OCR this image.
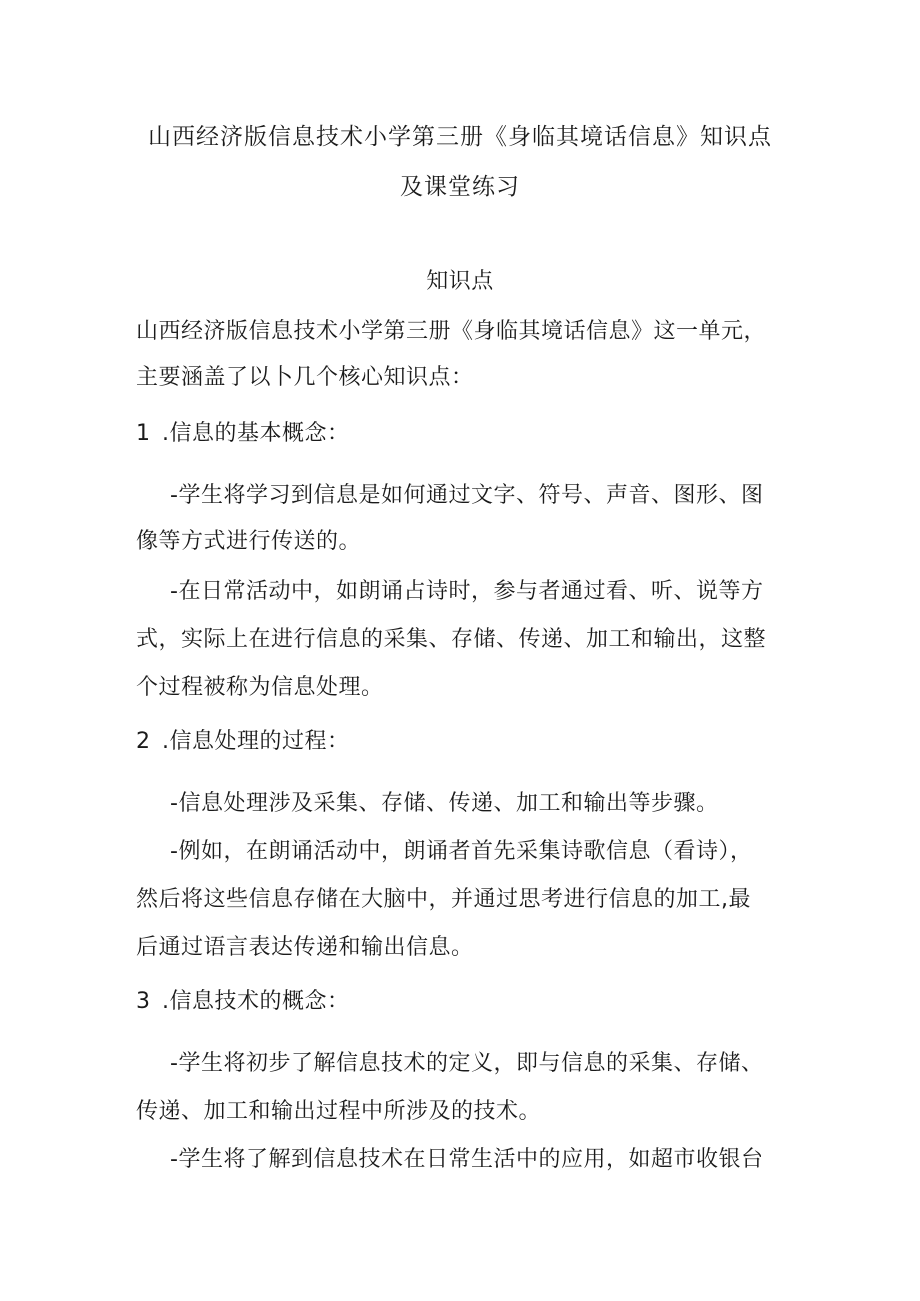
山西经济版信息技术小学第三册《身临其境话信息》知识点
及课堂练习
知识点
山西经济版信息技术小学第三册《身临其境话信息》这一单元，
主要涵盖了以卜几个核心知识点：
1 .信息的基本概念：
-学生将学习到信息是如何通过文字、符号、声音、图形、图
像等方式进行传送的。
-在日常活动中，如朗诵占诗时，参与者通过看、听、说等方
式，实际上在进行信息的采集、存储、传递、加工和输出，这整
个过程被称为信息处理。
2 .信息处理的过程：
-信息处理涉及采集、存储、传递、加工和输出等步骤。
-例如，在朗诵活动中，朗诵者首先采集诗歌信息（看诗），
然后将这些信息存储在大脑中，并通过思考进行信息的加工,最
后通过语言表达传递和输出信息。
3 .信息技术的概念：
-学生将初步了解信息技术的定义，即与信息的采集、存储、
传递、加工和输出过程中所涉及的技术。
-学生将了解到信息技术在日常生活中的应用，如超市收银台
